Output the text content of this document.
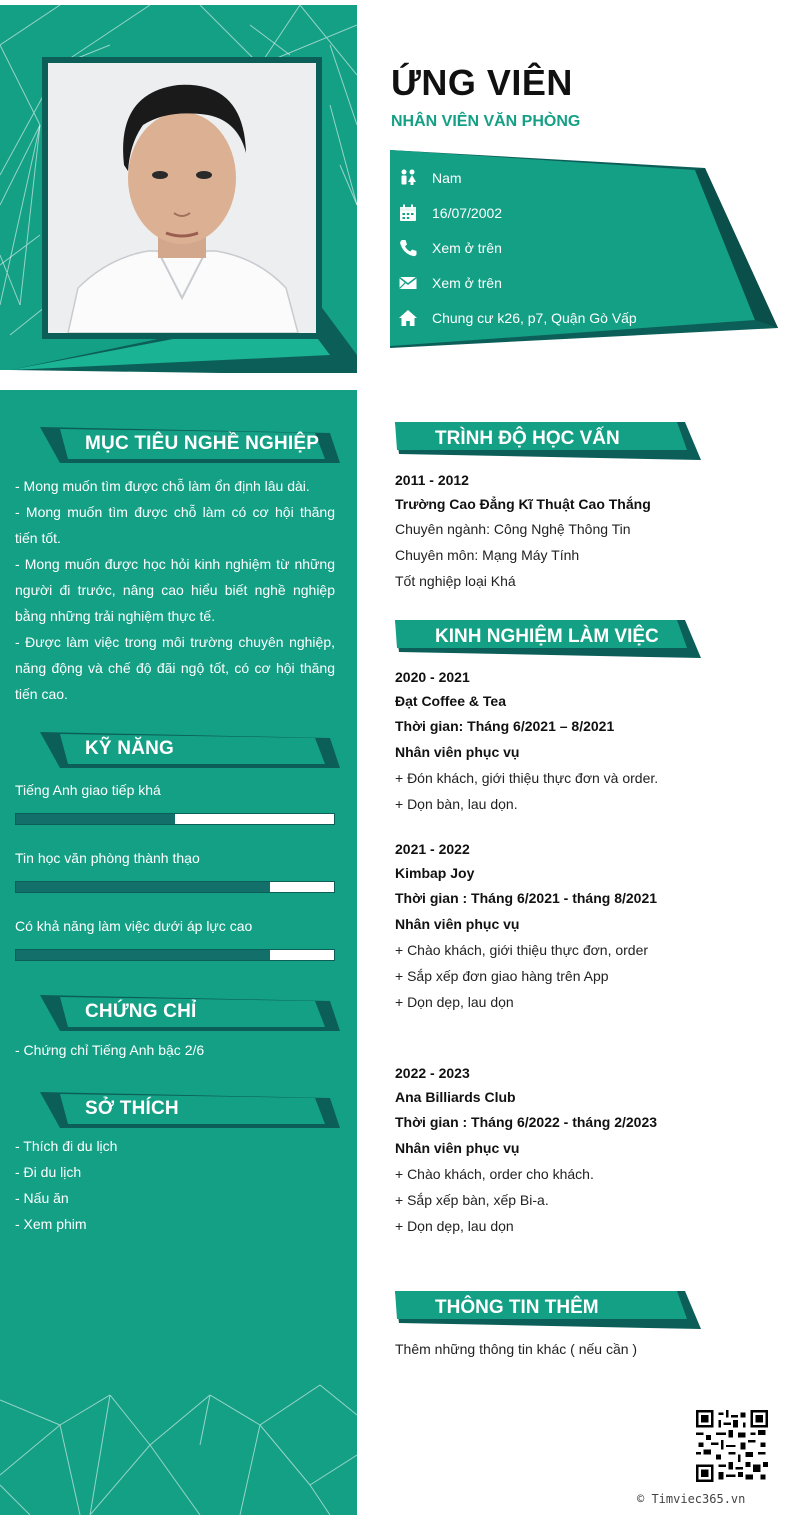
MỤC TIÊU NGHỀ NGHIỆP
- Mong muốn tìm được chỗ làm ổn định lâu dài.
- Mong muốn tìm được chỗ làm có cơ hội thăng tiến tốt.
- Mong muốn được học hỏi kinh nghiệm từ những người đi trước, nâng cao hiểu biết nghề nghiệp bằng những trải nghiệm thực tế.
- Được làm việc trong môi trường chuyên nghiệp, năng động và chế độ đãi ngộ tốt, có cơ hội thăng tiến cao.
KỸ NĂNG
Tiếng Anh giao tiếp khá
Tin học văn phòng thành thạo
Có khả năng làm việc dưới áp lực cao
CHỨNG CHỈ
- Chứng chỉ Tiếng Anh bậc 2/6
SỞ THÍCH
- Thích đi du lịch
- Đi du lịch
- Nấu ăn
- Xem phim
ỨNG VIÊN
NHÂN VIÊN VĂN PHÒNG
Nam
16/07/2002
Xem ở trên
Xem ở trên
Chung cư k26, p7, Quận Gò Vấp
TRÌNH ĐỘ HỌC VẤN
2011 - 2012
Trường Cao Đẳng Kĩ Thuật Cao Thắng
Chuyên ngành: Công Nghệ Thông Tin
Chuyên môn: Mạng Máy Tính
Tốt nghiệp loại Khá
KINH NGHIỆM LÀM VIỆC
2020 - 2021
Đạt Coffee & Tea
Thời gian: Tháng 6/2021 – 8/2021
Nhân viên phục vụ
+ Đón khách, giới thiệu thực đơn và order.
+ Dọn bàn, lau dọn.
2021 - 2022
Kimbap Joy
Thời gian : Tháng 6/2021 - tháng 8/2021
Nhân viên phục vụ
+ Chào khách, giới thiệu thực đơn, order
+ Sắp xếp đơn giao hàng trên App
+ Dọn dẹp, lau dọn
2022 - 2023
Ana Billiards Club
Thời gian : Tháng 6/2022 - tháng 2/2023
Nhân viên phục vụ
+ Chào khách, order cho khách.
+ Sắp xếp bàn, xếp Bi-a.
+ Dọn dẹp, lau dọn
THÔNG TIN THÊM
Thêm những thông tin khác ( nếu cần )
© Timviec365.vn
